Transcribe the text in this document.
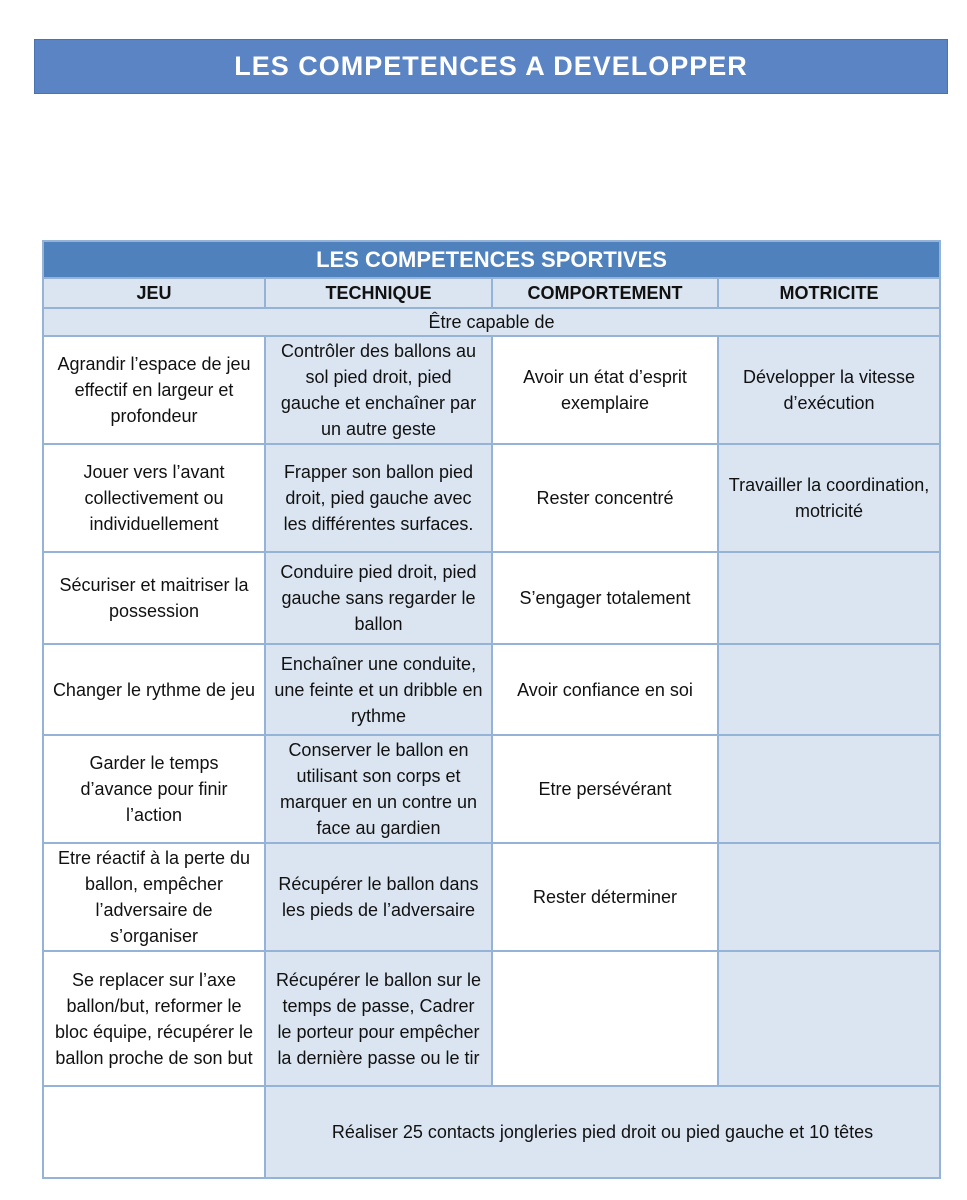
LES COMPETENCES A DEVELOPPER
LES COMPETENCES SPORTIVES			
JEU	TECHNIQUE	COMPORTEMENT	MOTRICITE
Être capable de			
Agrandir l’espace de jeu effectif en largeur et profondeur	Contrôler des ballons au sol pied droit, pied gauche et enchaîner par un autre geste	Avoir un état d’esprit exemplaire	Développer la vitesse d’exécution
Jouer vers l’avant collectivement ou individuellement	Frapper son ballon pied droit, pied gauche avec les différentes surfaces.	Rester concentré	Travailler la coordination, motricité
Sécuriser et maitriser la possession	Conduire pied droit, pied gauche sans regarder le ballon	S’engager totalement	
Changer le rythme de jeu	Enchaîner une conduite, une feinte et un dribble en rythme	Avoir confiance en soi	
Garder le temps d’avance pour finir l’action	Conserver le ballon en utilisant son corps et marquer en un contre un face au gardien	Etre persévérant	
Etre réactif à la perte du ballon, empêcher l’adversaire de s’organiser	Récupérer le ballon dans les pieds de l’adversaire	Rester déterminer	
Se replacer sur l’axe ballon/but, reformer le bloc équipe, récupérer le ballon proche de son but	Récupérer le ballon sur le temps de passe, Cadrer le porteur pour empêcher la dernière passe ou le tir		
	Réaliser 25 contacts jongleries pied droit ou pied gauche et 10 têtes		
